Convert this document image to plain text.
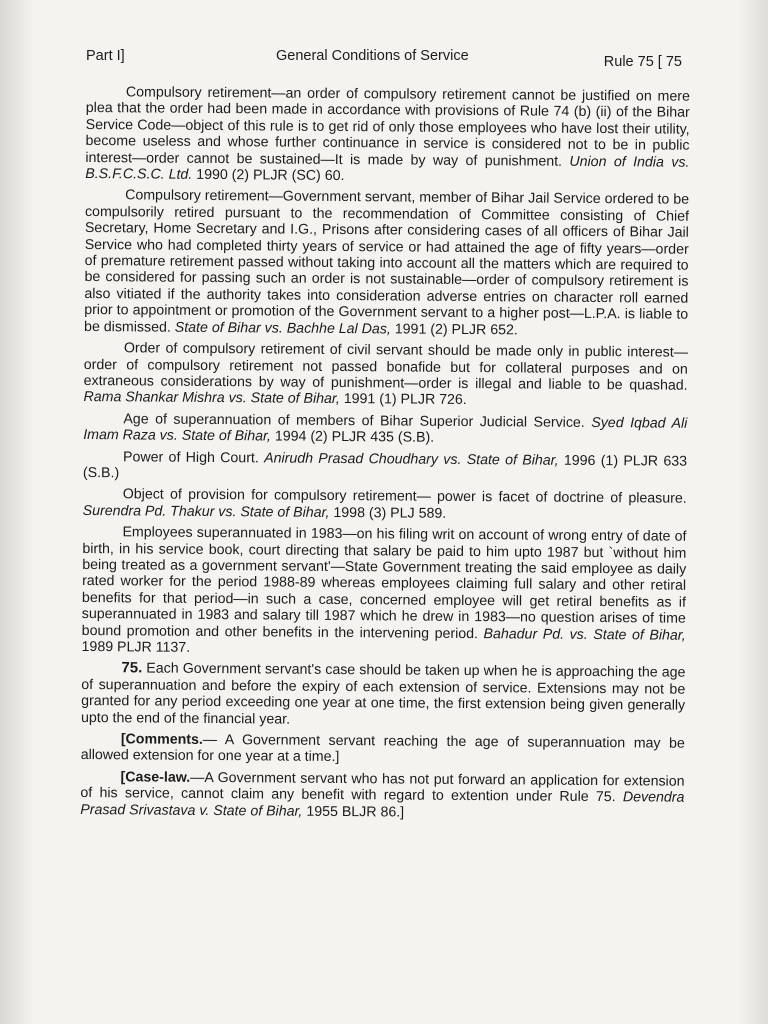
Part I]	General Conditions of Service	Rule 75 [ 75

Compulsory retirement—an order of compulsory retirement cannot be justified on mere plea that the order had been made in accordance with provisions of Rule 74 (b) (ii) of the Bihar Service Code—object of this rule is to get rid of only those employees who have lost their utility, become useless and whose further continuance in service is considered not to be in public interest—order cannot be sustained—It is made by way of punishment. Union of India vs. B.S.F.C.S.C. Ltd. 1990 (2) PLJR (SC) 60.

Compulsory retirement—Government servant, member of Bihar Jail Service ordered to be compulsorily retired pursuant to the recommendation of Committee consisting of Chief Secretary, Home Secretary and I.G., Prisons after considering cases of all officers of Bihar Jail Service who had completed thirty years of service or had attained the age of fifty years—order of premature retirement passed without taking into account all the matters which are required to be considered for passing such an order is not sustainable—order of compulsory retirement is also vitiated if the authority takes into consideration adverse entries on character roll earned prior to appointment or promotion of the Government servant to a higher post—L.P.A. is liable to be dismissed. State of Bihar vs. Bachhe Lal Das, 1991 (2) PLJR 652.

Order of compulsory retirement of civil servant should be made only in public interest—order of compulsory retirement not passed bonafide but for collateral purposes and on extraneous considerations by way of punishment—order is illegal and liable to be quashad. Rama Shankar Mishra vs. State of Bihar, 1991 (1) PLJR 726.

Age of superannuation of members of Bihar Superior Judicial Service. Syed Iqbad Ali Imam Raza vs. State of Bihar, 1994 (2) PLJR 435 (S.B).

Power of High Court. Anirudh Prasad Choudhary vs. State of Bihar, 1996 (1) PLJR 633 (S.B.)

Object of provision for compulsory retirement— power is facet of doctrine of pleasure. Surendra Pd. Thakur vs. State of Bihar, 1998 (3) PLJ 589.

Employees superannuated in 1983—on his filing writ on account of wrong entry of date of birth, in his service book, court directing that salary be paid to him upto 1987 but `without him being treated as a government servant'—State Government treating the said employee as daily rated worker for the period 1988-89 whereas employees claiming full salary and other retiral benefits for that period—in such a case, concerned employee will get retiral benefits as if superannuated in 1983 and salary till 1987 which he drew in 1983—no question arises of time bound promotion and other benefits in the intervening period. Bahadur Pd. vs. State of Bihar, 1989 PLJR 1137.

75. Each Government servant's case should be taken up when he is approaching the age of superannuation and before the expiry of each extension of service. Extensions may not be granted for any period exceeding one year at one time, the first extension being given generally upto the end of the financial year.

[Comments.— A Government servant reaching the age of superannuation may be allowed extension for one year at a time.]

[Case-law.—A Government servant who has not put forward an application for extension of his service, cannot claim any benefit with regard to extention under Rule 75. Devendra Prasad Srivastava v. State of Bihar, 1955 BLJR 86.]
